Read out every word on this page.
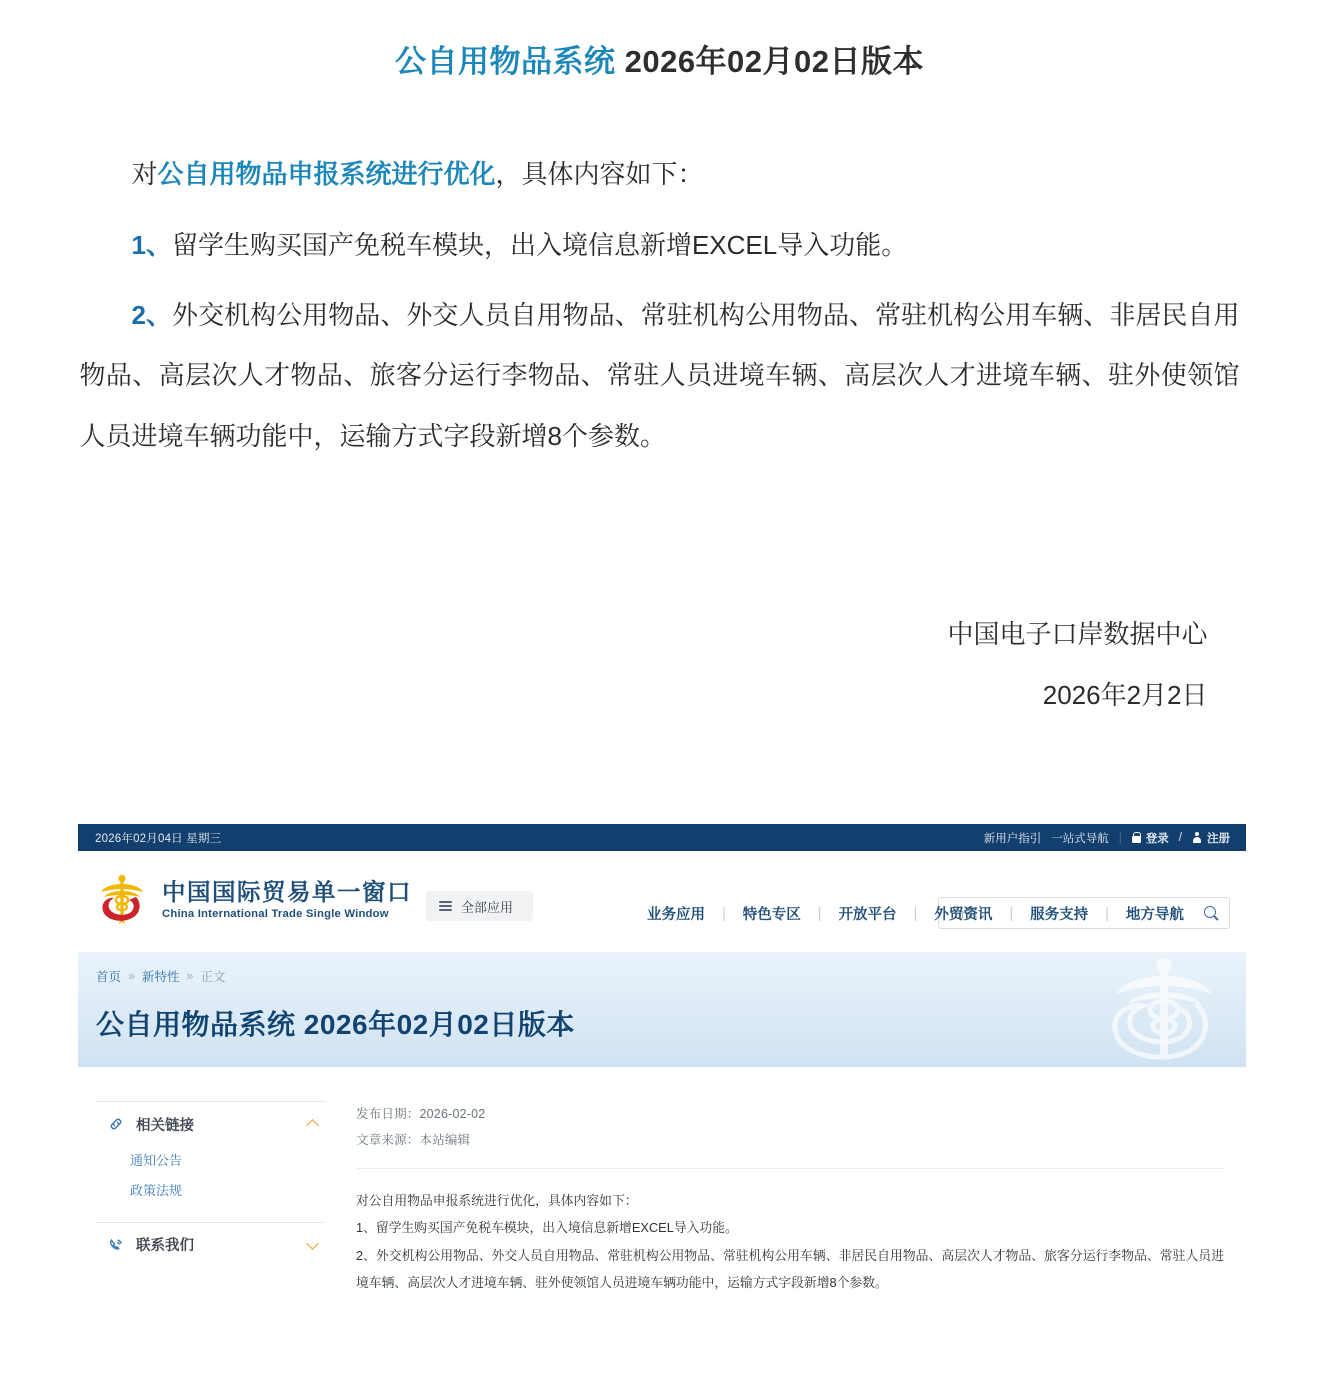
公自用物品系统 2026年02月02日版本

对公自用物品申报系统进行优化，具体内容如下：

1、留学生购买国产免税车模块，出入境信息新增EXCEL导入功能。

2、外交机构公用物品、外交人员自用物品、常驻机构公用物品、常驻机构公用车辆、非居民自用物品、高层次人才物品、旅客分运行李物品、常驻人员进境车辆、高层次人才进境车辆、驻外使领馆人员进境车辆功能中，运输方式字段新增8个参数。

中国电子口岸数据中心
2026年2月2日
2026年02月04日 星期三	新用户指引 一站式导航 | 登录 / 注册
中国国际贸易单一窗口
China International Trade Single Window	全部应用
备案	业务应用	|	特色专区	|	开放平台	|	外贸资讯	|	服务支持	|	地方导航
首页 » 新特性 » 正文
公自用物品系统 2026年02月02日版本
相关链接
通知公告
政策法规
联系我们
发布日期：2026-02-02
文章来源：本站编辑

对公自用物品申报系统进行优化，具体内容如下：

1、留学生购买国产免税车模块，出入境信息新增EXCEL导入功能。

2、外交机构公用物品、外交人员自用物品、常驻机构公用物品、常驻机构公用车辆、非居民自用物品、高层次人才物品、旅客分运行李物品、常驻人员进境车辆、高层次人才进境车辆、驻外使领馆人员进境车辆功能中，运输方式字段新增8个参数。
